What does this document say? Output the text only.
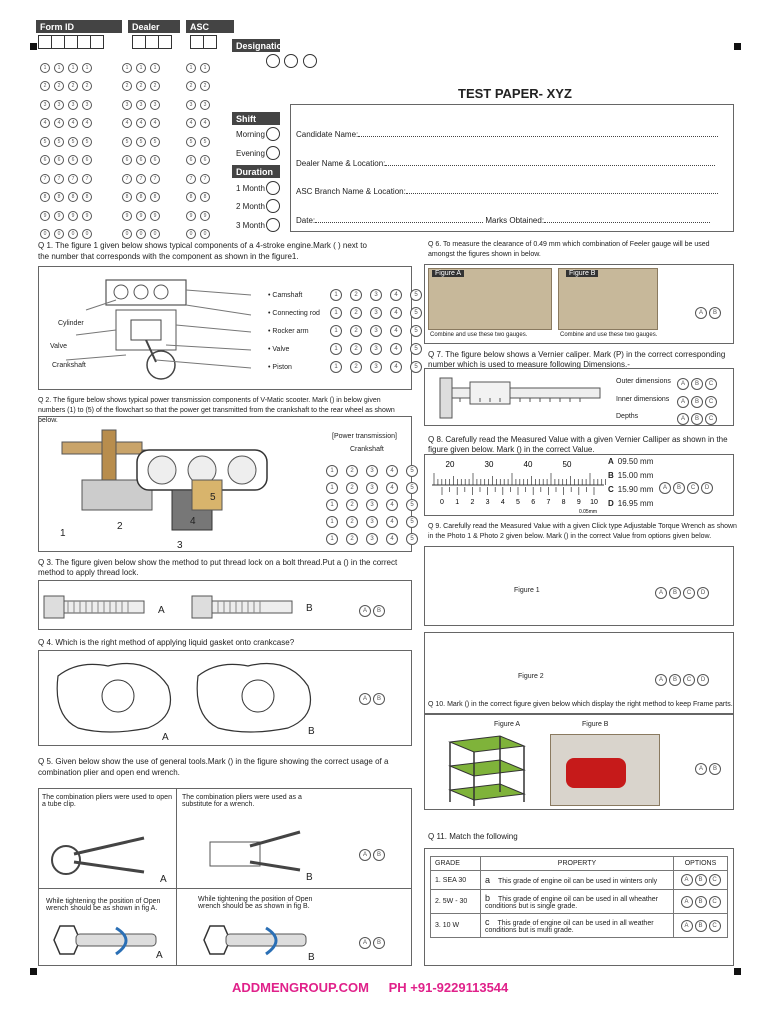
Form ID	Dealer Code
ASC Code
Designation
1 1 1 1	1 1 1	1 1
2 2 2 2	2 2 2	2 2
3 3 3 3	3 3 3	3 3
4 4 4 4	4 4 4	4 4
5 5 5 5	5 5 5	5 5
6 6 6 6	6 6 6	6 6
7 7 7 7	7 7 7	7 7
8 8 8 8	8 8 8	8 8
9 9 9 9	9 9 9	9 9
0 0 0 0	0 0 0	0 0

Shift
Morning
Evening
Duration
1 Month
2 Month
3 Month
TEST PAPER- XYZ
Candidate Name:
Dealer Name & Location:
ASC Branch Name & Location:
Date:	Marks Obtained:
Q 1. The figure 1 given below shows typical components of a 4-stroke engine.Mark ( ) next to the number that corresponds with the component as shown in the figure1.
Cylinder
Valve
Crankshaft
• Camshaft	1	2	3	4	5
• Connecting rod	1	2	3	4	5
• Rocker arm	1	2	3	4	5
• Valve	1	2	3	4	5
• Piston	1	2	3	4	5
Q 2. The figure below shows typical power transmission components of V-Matic scooter. Mark () in below given numbers (1) to (5) of the flowchart so that the power get transmitted from the crankshaft to the rear wheel as shown below.
1
2
3
4
5
[Power transmission]
Crankshaft
1	2	3	4	5
1	2	3	4	5
1	2	3	4	5
1	2	3	4	5
1	2	3	4	5
Q 3. The figure given below show the method to put thread lock on a bolt thread.Put a () in the correct method to apply thread lock.
A	B	A B
Q 4. Which is the right method of applying liquid gasket onto crankcase?
A
B
A B
Q 5. Given below show the use of general tools.Mark () in the figure showing the correct usage of a combination plier and open end wrench.
The combination pliers were used to open a tube clip.
The combination pliers were used as a substitute for a wrench.
A	B
A B
While tightening the position of Open wrench should be as shown in fig A.
While tightening the position of Open wrench should be as shown in fig B.
A	B
A B
Q 6. To measure the clearance of 0.49 mm which combination of Feeler gauge will be used amongst the figures shown in below.
Figure A	Figure B
Combine and use these two gauges.	Combine and use these two gauges.
A B
Q 7. The figure below shows a Vernier caliper. Mark (P) in the correct corresponding number which is used to measure following Dimensions.-
Outer dimensions	A B C
Inner dimensions	A B C
Depths	A B C
Q 8. Carefully read the Measured Value with a given Vernier Calliper as shown in the figure given below. Mark () in the correct Value.
20	30	40	50
0 1 2 3 4 5 6 7 8 9 10
0.05mm
A 09.50 mm
B 15.00 mm
C 15.90 mm
D 16.95 mm
A B C D
Q 9. Carefully read the Measured Value with a given Click type Adjustable Torque Wrench as shown in the Photo 1 & Photo 2 given below. Mark () in the correct Value from options given below.
Figure 1	A B C D
Figure 2	A B C D
Q 10. Mark () in the correct figure given below which display the right method to keep Frame parts.
Figure A	Figure B
A B
Q 11. Match the following
GRADE	PROPERTY	OPTIONS
1. SEA 30	a This grade of engine oil can be used in winters only	A B C
2. 5W - 30	b This grade of engine oil can be used in all wheather conditions but is single grade.	A B C
3. 10 W	c This grade of engine oil can be used in all weather conditions but is multi grade.	A B C
ADDMENGROUP.COM PH +91-9229113544
